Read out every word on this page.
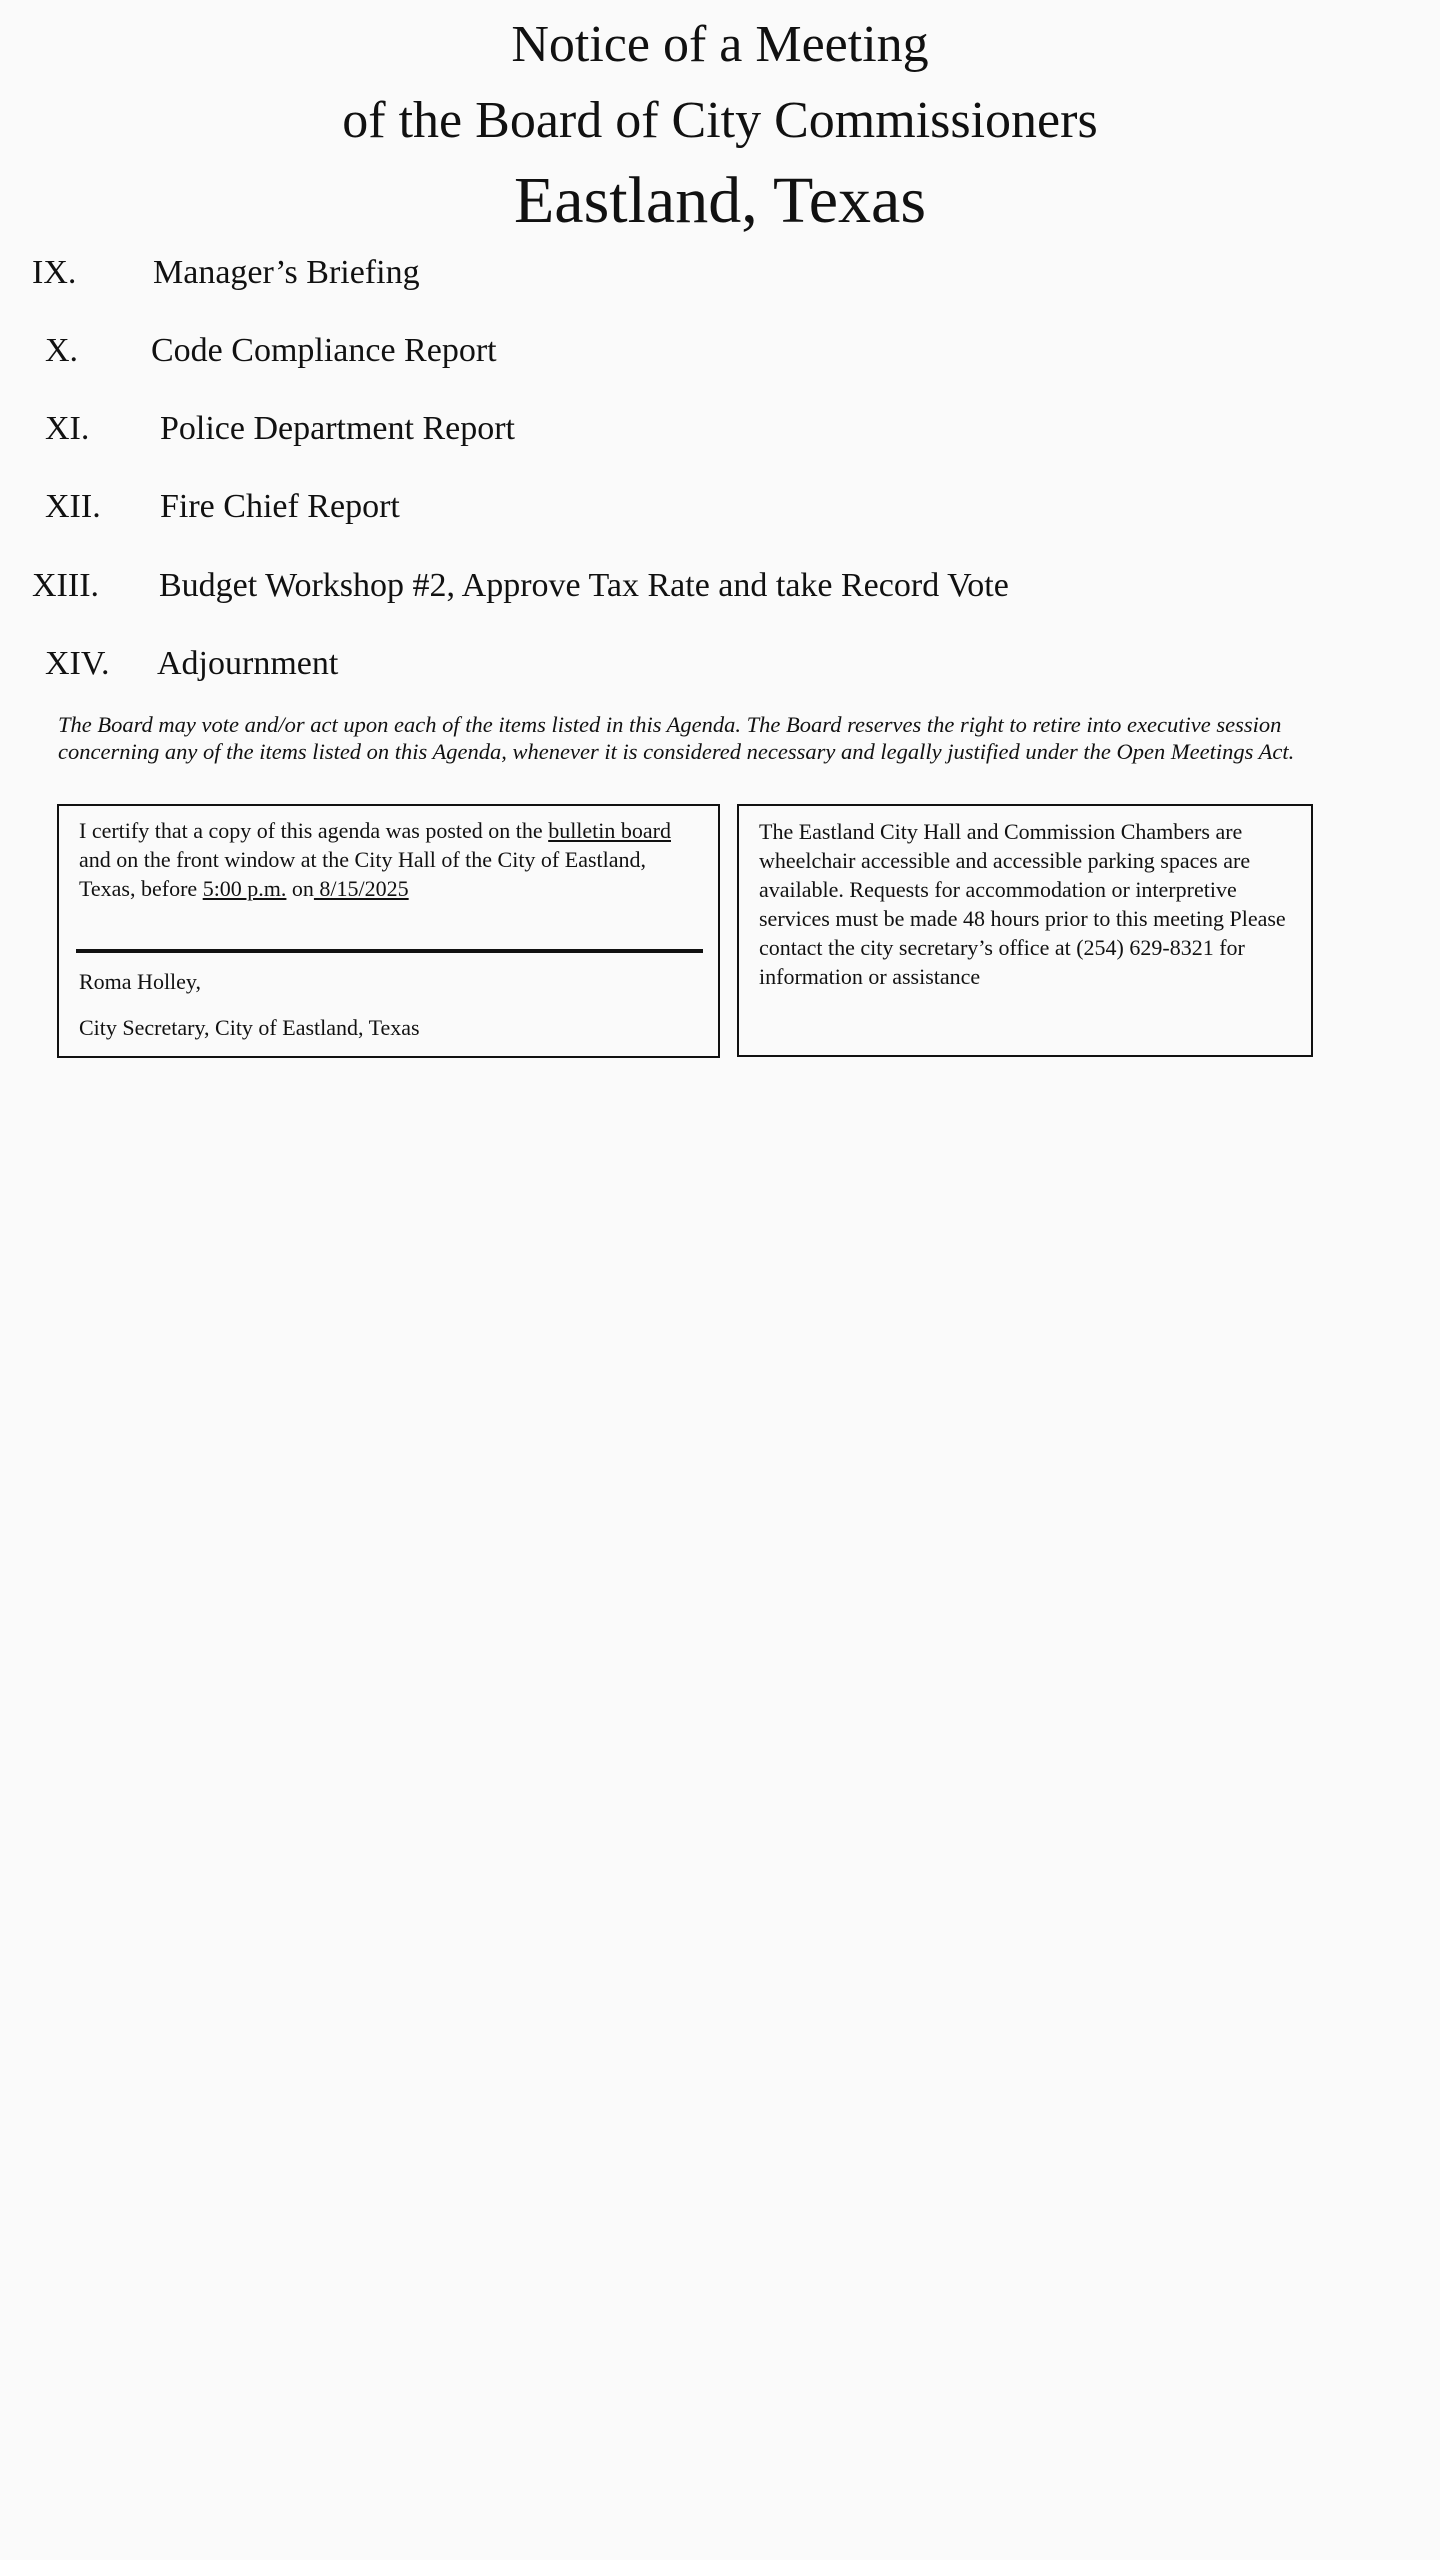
Notice of a Meeting
of the Board of City Commissioners
Eastland, Texas
IX. Manager’s Briefing
X. Code Compliance Report
XI. Police Department Report
XII. Fire Chief Report
XIII. Budget Workshop #2, Approve Tax Rate and take Record Vote
XIV. Adjournment
The Board may vote and/or act upon each of the items listed in this Agenda. The Board reserves the right to retire into executive session
concerning any of the items listed on this Agenda, whenever it is considered necessary and legally justified under the Open Meetings Act.
I certify that a copy of this agenda was posted on the bulletin board and on the front window at the City Hall of the City of Eastland, Texas, before 5:00 p.m. on 8/15/2025
Roma Holley,
City Secretary, City of Eastland, Texas
The Eastland City Hall and Commission Chambers are wheelchair accessible and accessible parking spaces are available. Requests for accommodation or interpretive services must be made 48 hours prior to this meeting Please contact the city secretary’s office at (254) 629-8321 for information or assistance
